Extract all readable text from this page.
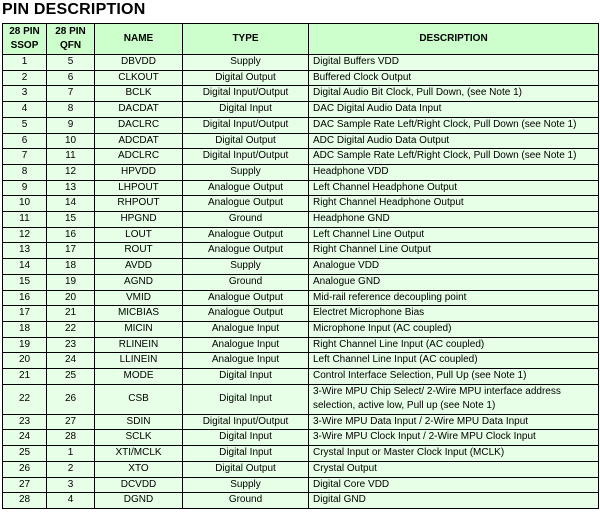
PIN DESCRIPTION
28 PIN SSOP	28 PIN QFN	NAME	TYPE	DESCRIPTION
1	5	DBVDD	Supply	Digital Buffers VDD
2	6	CLKOUT	Digital Output	Buffered Clock Output
3	7	BCLK	Digital Input/Output	Digital Audio Bit Clock, Pull Down, (see Note 1)
4	8	DACDAT	Digital Input	DAC Digital Audio Data Input
5	9	DACLRC	Digital Input/Output	DAC Sample Rate Left/Right Clock, Pull Down (see Note 1)
6	10	ADCDAT	Digital Output	ADC Digital Audio Data Output
7	11	ADCLRC	Digital Input/Output	ADC Sample Rate Left/Right Clock, Pull Down (see Note 1)
8	12	HPVDD	Supply	Headphone VDD
9	13	LHPOUT	Analogue Output	Left Channel Headphone Output
10	14	RHPOUT	Analogue Output	Right Channel Headphone Output
11	15	HPGND	Ground	Headphone GND
12	16	LOUT	Analogue Output	Left Channel Line Output
13	17	ROUT	Analogue Output	Right Channel Line Output
14	18	AVDD	Supply	Analogue VDD
15	19	AGND	Ground	Analogue GND
16	20	VMID	Analogue Output	Mid-rail reference decoupling point
17	21	MICBIAS	Analogue Output	Electret Microphone Bias
18	22	MICIN	Analogue Input	Microphone Input (AC coupled)
19	23	RLINEIN	Analogue Input	Right Channel Line Input (AC coupled)
20	24	LLINEIN	Analogue Input	Left Channel Line Input (AC coupled)
21	25	MODE	Digital Input	Control Interface Selection, Pull Up (see Note 1)
22	26	CSB	Digital Input	3-Wire MPU Chip Select/ 2-Wire MPU interface address selection, active low, Pull up (see Note 1)
23	27	SDIN	Digital Input/Output	3-Wire MPU Data Input / 2-Wire MPU Data Input
24	28	SCLK	Digital Input	3-Wire MPU Clock Input / 2-Wire MPU Clock Input
25	1	XTI/MCLK	Digital Input	Crystal Input or Master Clock Input (MCLK)
26	2	XTO	Digital Output	Crystal Output
27	3	DCVDD	Supply	Digital Core VDD
28	4	DGND	Ground	Digital GND
